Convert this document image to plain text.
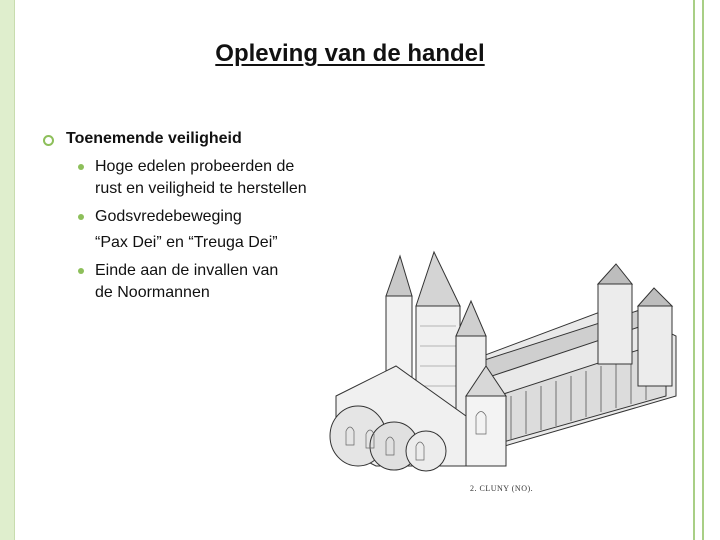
Opleving van de handel
Toenemende veiligheid
Hoge edelen probeerden de rust en veiligheid te herstellen
Godsvredebeweging
“Pax Dei” en “Treuga Dei”
Einde aan de invallen van de Noormannen
2. CLUNY (NO).
